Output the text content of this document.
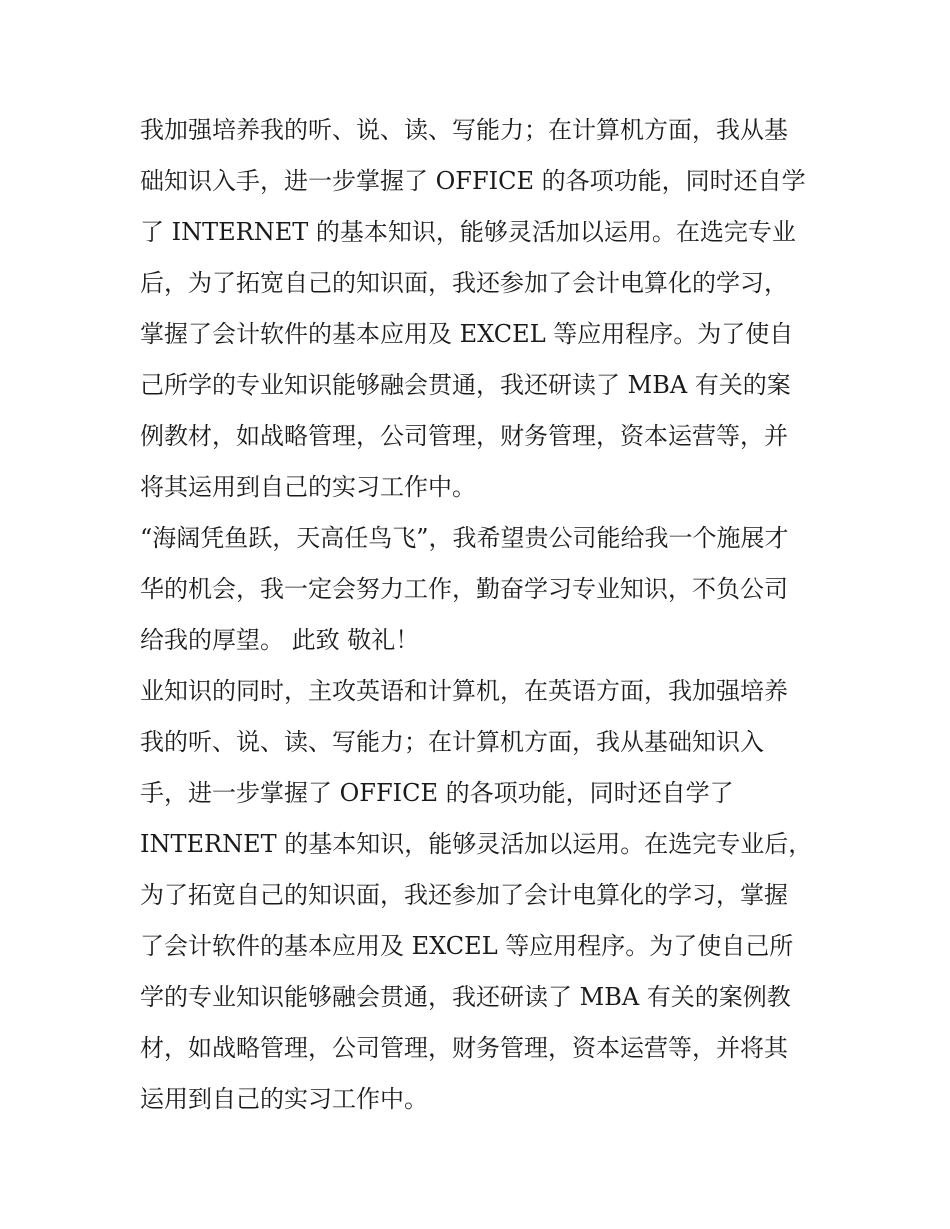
我加强培养我的听、说、读、写能力；在计算机方面，我从基
础知识入手，进一步掌握了 OFFICE 的各项功能，同时还自学
了 INTERNET 的基本知识，能够灵活加以运用。在选完专业
后，为了拓宽自己的知识面，我还参加了会计电算化的学习，
掌握了会计软件的基本应用及 EXCEL 等应用程序。为了使自
己所学的专业知识能够融会贯通，我还研读了 MBA 有关的案
例教材，如战略管理，公司管理，财务管理，资本运营等，并
将其运用到自己的实习工作中。
“海阔凭鱼跃，天高任鸟飞”，我希望贵公司能给我一个施展才
华的机会，我一定会努力工作，勤奋学习专业知识，不负公司
给我的厚望。 此致 敬礼！
业知识的同时，主攻英语和计算机，在英语方面，我加强培养
我的听、说、读、写能力；在计算机方面，我从基础知识入
手，进一步掌握了 OFFICE 的各项功能，同时还自学了
INTERNET 的基本知识，能够灵活加以运用。在选完专业后，
为了拓宽自己的知识面，我还参加了会计电算化的学习，掌握
了会计软件的基本应用及 EXCEL 等应用程序。为了使自己所
学的专业知识能够融会贯通，我还研读了 MBA 有关的案例教
材，如战略管理，公司管理，财务管理，资本运营等，并将其
运用到自己的实习工作中。
